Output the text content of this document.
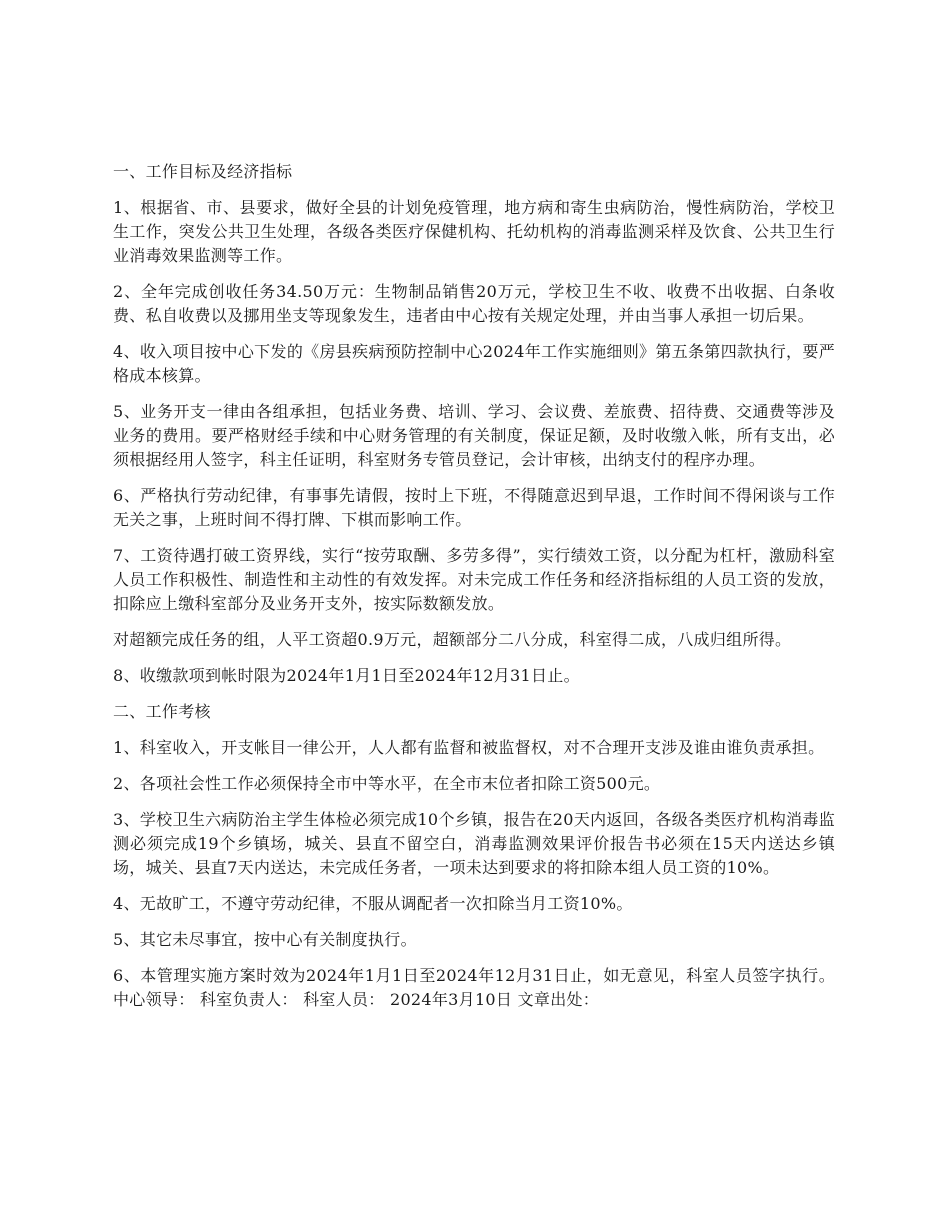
一、工作目标及经济指标

1、根据省、市、县要求，做好全县的计划免疫管理，地方病和寄生虫病防治，慢性病防治，学校卫生工作，突发公共卫生处理，各级各类医疗保健机构、托幼机构的消毒监测采样及饮食、公共卫生行业消毒效果监测等工作。

2、全年完成创收任务34.50万元：生物制品销售20万元，学校卫生不收、收费不出收据、白条收费、私自收费以及挪用坐支等现象发生，违者由中心按有关规定处理，并由当事人承担一切后果。

4、收入项目按中心下发的《房县疾病预防控制中心2024年工作实施细则》第五条第四款执行，要严格成本核算。

5、业务开支一律由各组承担，包括业务费、培训、学习、会议费、差旅费、招待费、交通费等涉及业务的费用。要严格财经手续和中心财务管理的有关制度，保证足额，及时收缴入帐，所有支出，必须根据经用人签字，科主任证明，科室财务专管员登记，会计审核，出纳支付的程序办理。

6、严格执行劳动纪律，有事事先请假，按时上下班，不得随意迟到早退，工作时间不得闲谈与工作无关之事，上班时间不得打牌、下棋而影响工作。

7、工资待遇打破工资界线，实行“按劳取酬、多劳多得”，实行绩效工资，以分配为杠杆，激励科室人员工作积极性、制造性和主动性的有效发挥。对未完成工作任务和经济指标组的人员工资的发放，扣除应上缴科室部分及业务开支外，按实际数额发放。

对超额完成任务的组，人平工资超0.9万元，超额部分二八分成，科室得二成，八成归组所得。

8、收缴款项到帐时限为2024年1月1日至2024年12月31日止。

二、工作考核

1、科室收入，开支帐目一律公开，人人都有监督和被监督权，对不合理开支涉及谁由谁负责承担。

2、各项社会性工作必须保持全市中等水平，在全市末位者扣除工资500元。

3、学校卫生六病防治主学生体检必须完成10个乡镇，报告在20天内返回，各级各类医疗机构消毒监测必须完成19个乡镇场，城关、县直不留空白，消毒监测效果评价报告书必须在15天内送达乡镇场，城关、县直7天内送达，未完成任务者，一项未达到要求的将扣除本组人员工资的10%。

4、无故旷工，不遵守劳动纪律，不服从调配者一次扣除当月工资10%。

5、其它未尽事宜，按中心有关制度执行。

6、本管理实施方案时效为2024年1月1日至2024年12月31日止，如无意见，科室人员签字执行。 中心领导： 科室负责人： 科室人员： 2024年3月10日 文章出处：
